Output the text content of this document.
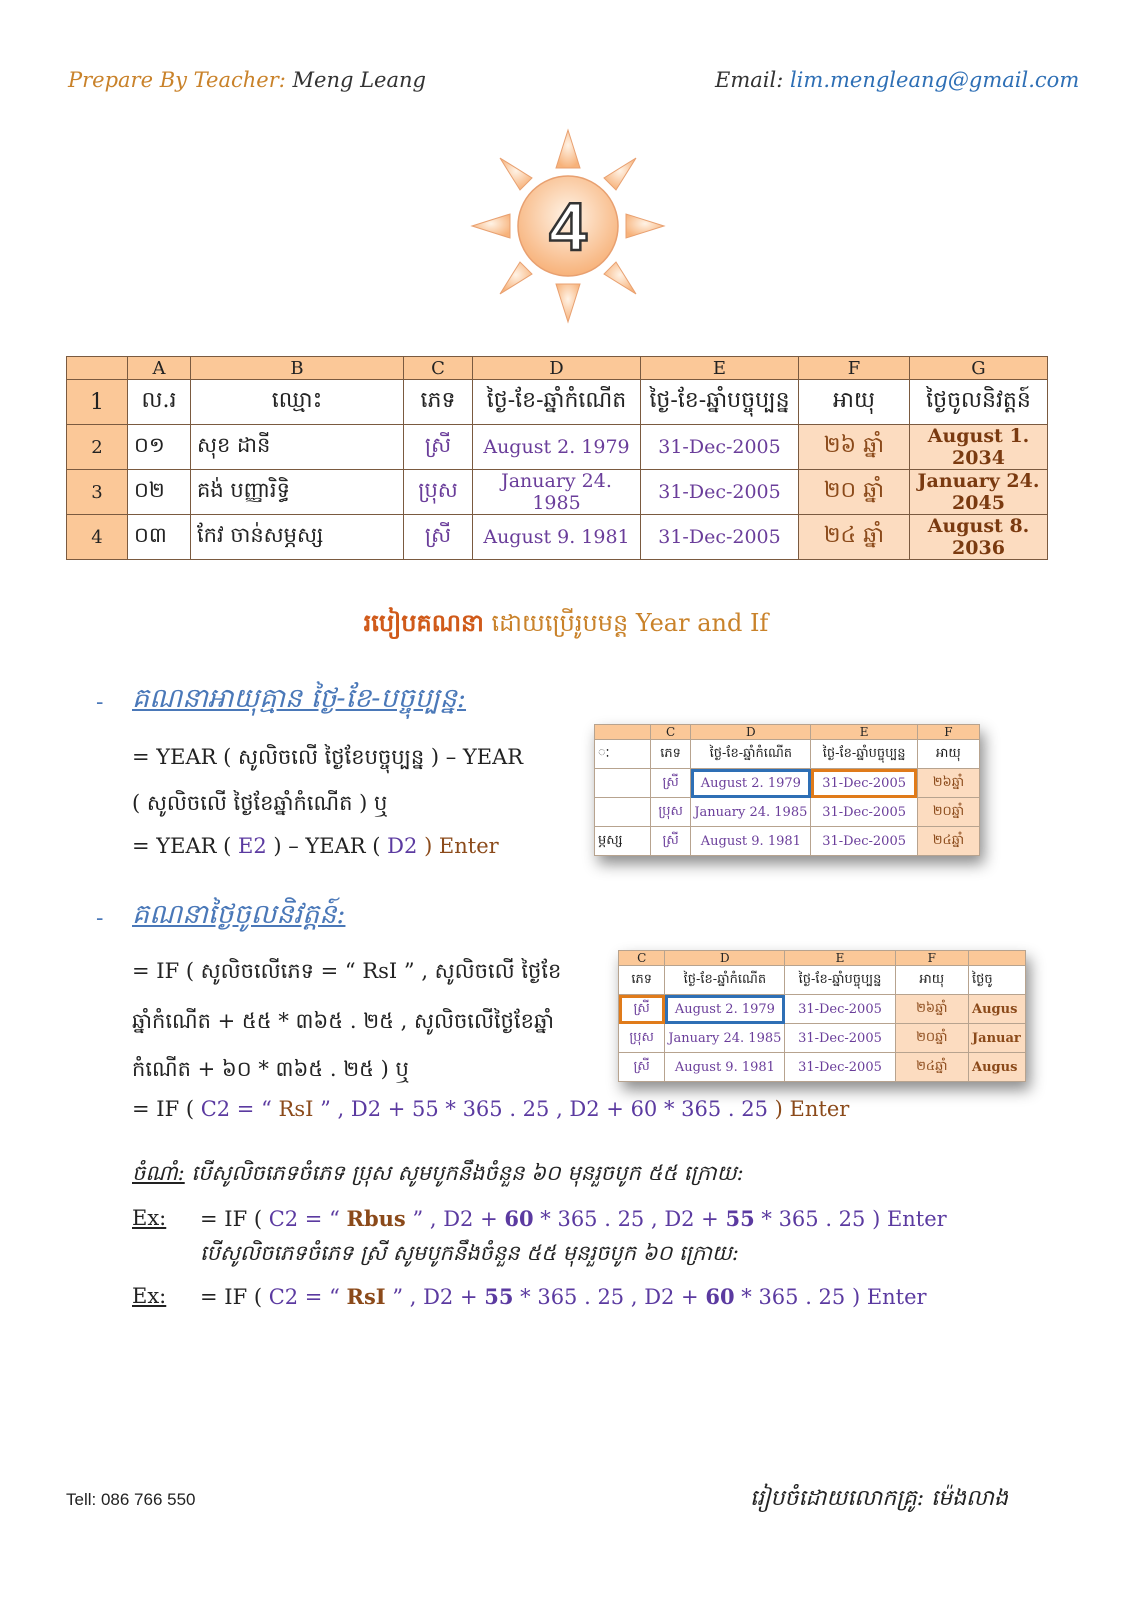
Prepare By Teacher: Meng Leang	Email: lim.mengleang@gmail.com
4
	A	B	C	D	E	F	G
1	ល.រ	ឈ្មោះ	ភេទ	ថ្ងៃ-ខែ-ឆ្នាំកំណើត	ថ្ងៃ-ខែ-ឆ្នាំបច្ចុប្បន្ន	អាយុ	ថ្ងៃចូលនិវត្តន៍
2	០១	សុខ ដានី	ស្រី	August 2. 1979	31-Dec-2005	២៦ ឆ្នាំ	August 1. 2034
3	០២	គង់ បញ្ញារិទ្ធិ	ប្រុស	January 24. 1985	31-Dec-2005	២០ ឆ្នាំ	January 24. 2045
4	០៣	កែវ ចាន់សម្ភស្ស	ស្រី	August 9. 1981	31-Dec-2005	២៤ ឆ្នាំ	August 8. 2036
របៀបគណនា ដោយប្រើរូបមន្ត Year and If
- គណនាអាយុគ្មាន ថ្ងៃ-ខែ-បច្ចុប្បន្ន:
= YEAR ( សូលិចលើ ថ្ងៃខែបច្ចុប្បន្ន ) – YEAR
( សូលិចលើ ថ្ងៃខែឆ្នាំកំណើត ) ឬ
= YEAR ( E2 ) – YEAR ( D2 ) Enter
	C	D	E	F
ៈ	ភេទ	ថ្ងៃ-ខែ-ឆ្នាំកំណើត	ថ្ងៃ-ខែ-ឆ្នាំបច្ចុប្បន្ន	អាយុ
	ស្រី	August 2. 1979	31-Dec-2005	២៦ឆ្នាំ
	ប្រុស	January 24. 1985	31-Dec-2005	២០ឆ្នាំ
ម្ភស្ស	ស្រី	August 9. 1981	31-Dec-2005	២៤ឆ្នាំ
- គណនាថ្ងៃចូលនិវត្តន៍:
= IF ( សូលិចលើភេទ = “ RsI ” , សូលិចលើ ថ្ងៃខែ
ឆ្នាំកំណើត + ៥៥ * ៣៦៥ . ២៥ , សូលិចលើថ្ងៃខែឆ្នាំ
កំណើត + ៦០ * ៣៦៥ . ២៥ ) ឬ
= IF ( C2 = “ RsI ” , D2 + 55 * 365 . 25 , D2 + 60 * 365 . 25 ) Enter
C	D	E	F	
ភេទ	ថ្ងៃ-ខែ-ឆ្នាំកំណើត	ថ្ងៃ-ខែ-ឆ្នាំបច្ចុប្បន្ន	អាយុ	ថ្ងៃចូ
ស្រី	August 2. 1979	31-Dec-2005	២៦ឆ្នាំ	Augus
ប្រុស	January 24. 1985	31-Dec-2005	២០ឆ្នាំ	Januar
ស្រី	August 9. 1981	31-Dec-2005	២៤ឆ្នាំ	Augus
ចំណាំ: បើសូលិចភេទចំភេទ ប្រុស សូមបូកនឹងចំនួន ៦០ មុនរួចបូក ៥៥ ក្រោយ:
Ex: = IF ( C2 = “ Rbus ” , D2 + 60 * 365 . 25 , D2 + 55 * 365 . 25 ) Enter
បើសូលិចភេទចំភេទ ស្រី សូមបូកនឹងចំនួន ៥៥ មុនរួចបូក ៦០ ក្រោយ:
Ex: = IF ( C2 = “ RsI ” , D2 + 55 * 365 . 25 , D2 + 60 * 365 . 25 ) Enter
Tell: 086 766 550	រៀបចំដោយលោកគ្រូ: ម៉េងលាង
